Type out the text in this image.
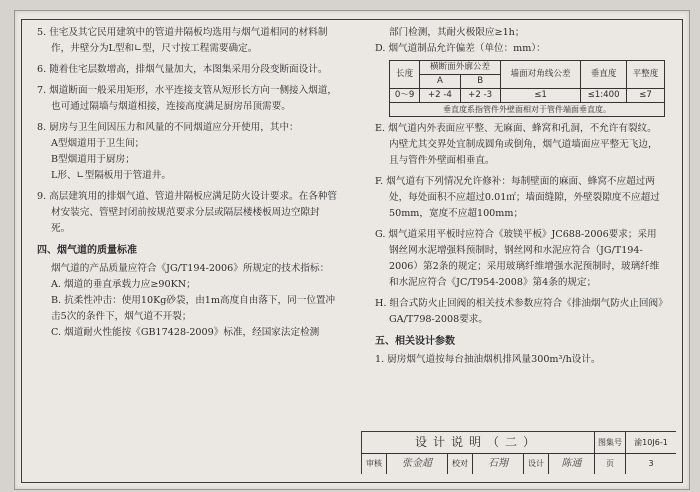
5. 住宅及其它民用建筑中的管道井隔板均选用与烟气道相同的材料制作，井壁分为L型和∟型，尺寸按工程需要确定。

6. 随着住宅层数增高，排烟气量加大，本图集采用分段变断面设计。

7. 烟道断面一般采用矩形，水平连接支管从短形长方向一侧接入烟道，也可通过隔墙与烟道相接，连接高度满足厨房吊顶需要。

8. 厨房与卫生间因压力和风量的不同烟道应分开使用，其中：

A型烟道用于卫生间；

B型烟道用于厨房；

L形、∟型隔板用于管道井。

9. 高层建筑用的排烟气道、管道井隔板应满足防火设计要求。在各种管材安装完、管壁封闭前按规范要求分层或隔层楼楼板周边空隙封死。

四、烟气道的质量标准

烟气道的产品质量应符合《JG/T194-2006》所规定的技术指标：

A. 烟道的垂直承载力应≥90KN；

B. 抗柔性冲击：使用10Kg砂袋，由1m高度自由落下，同一位置冲击5次的条件下，烟气道不开裂；

C. 烟道耐火性能按《GB17428-2009》标准，经国家法定检测

部门检测，其耐火极限应≥1h；

D. 烟气道制品允许偏差（单位：mm）：

长度	横断面外廓公差		墙面对角线公差	垂直度	平整度
	A	B			
0～9	+2 -4	+2 -3	≤1	≤1:400	≤7
垂直度系指管件外壁面相对于管件端面垂直度。					

E. 烟气道内外表面应平整、无麻面、蜂窝和孔洞，不允许有裂纹。内壁尤其交界处宜制成圆角或倒角，烟气道墙面应平整无飞边，且与管件外壁面相垂直。

F. 烟气道有下列情况允许修补：每制壁面的麻面、蜂窝不应超过两处，每处面积不应超过0.01㎡；墙面缝隙，外壁裂隙度不应超过50mm，宽度不应超100mm；

G. 烟气道采用平板时应符合《玻镁平板》JC688-2006要求；采用钢丝网水泥增强料预制时，钢丝网和水泥应符合（JG/T194-2006）第2条的规定；采用玻璃纤维增强水泥预制时，玻璃纤维和水泥应符合《JC/T954-2008》第4条的规定；

H. 组合式防火止回阀的相关技术参数应符合《排油烟气防火止回阀》GA/T798-2008要求。

五、相关设计参数

1. 厨房烟气道按每台抽油烟机排风量300m³/h设计。

设计说明（二）	图集号	渝10J6-1
审核	张金超	校对	石翔	设计	陈通	页	3
